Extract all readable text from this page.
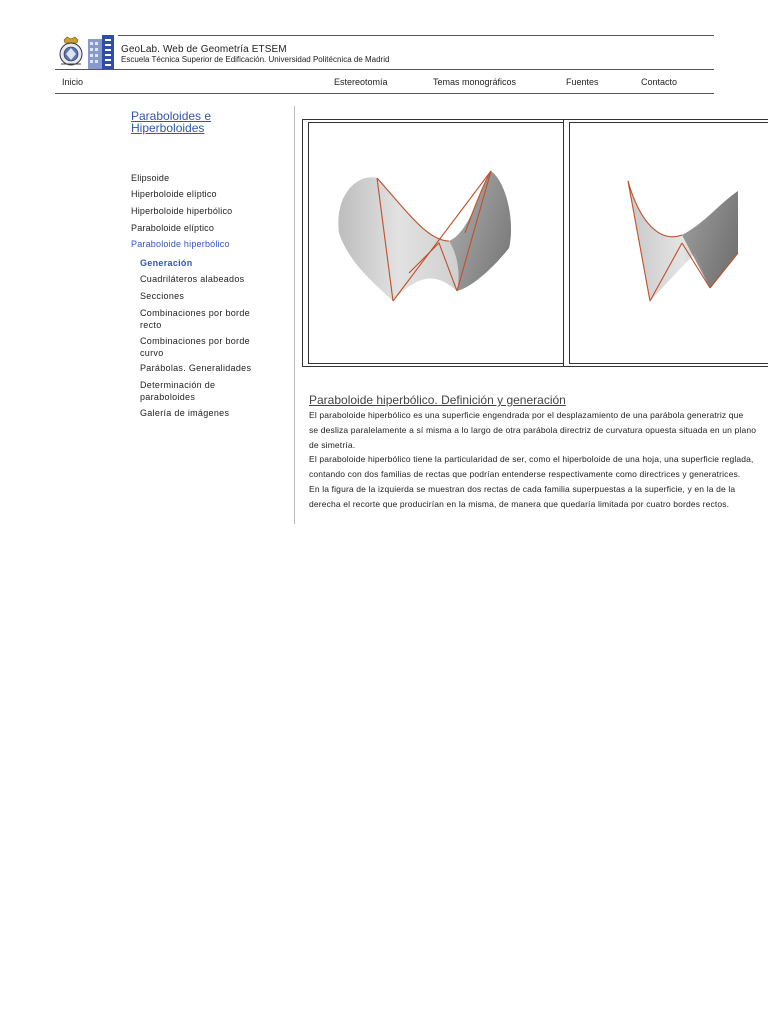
GeoLab. Web de Geometría ETSEM
Escuela Técnica Superior de Edificación. Universidad Politécnica de Madrid
Inicio	Estereotomía	Temas monográficos	Fuentes	Contacto
Paraboloides e Hiperboloides
Elipsoide
Hiperboloide elíptico
Hiperboloide hiperbólico
Paraboloide elíptico
Paraboloide hiperbólico
Generación
Cuadriláteros alabeados
Secciones
Combinaciones por borde recto
Combinaciones por borde curvo
Parábolas. Generalidades
Determinación de paraboloides
Galería de imágenes
Paraboloide hiperbólico. Definición y generación
El paraboloide hiperbólico es una superficie engendrada por el desplazamiento de una parábola generatriz que
se desliza paralelamente a sí misma a lo largo de otra parábola directriz de curvatura opuesta situada en un plano
de simetría.
El paraboloide hiperbólico tiene la particularidad de ser, como el hiperboloide de una hoja, una superficie reglada,
contando con dos familias de rectas que podrían entenderse respectivamente como directrices y generatrices.
En la figura de la izquierda se muestran dos rectas de cada familia superpuestas a la superficie, y en la de la
derecha el recorte que producirían en la misma, de manera que quedaría limitada por cuatro bordes rectos.
